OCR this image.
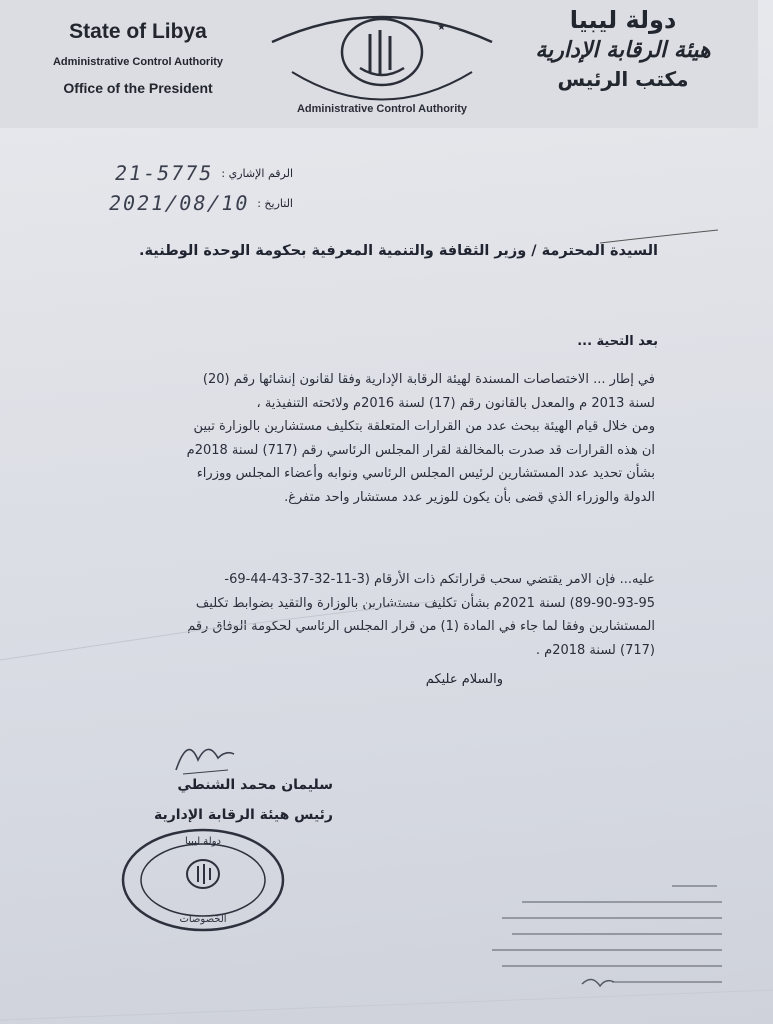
State of Libya
Administrative Control Authority
Office of the President
Administrative Control Authority
★	دولة ليبيا
هيئة الرقابة الإدارية
مكتب الرئيس
الرقم الإشاري :
21-5775
التاريخ :
2021/08/10
السيدة المحترمة / وزير الثقافة والتنمية المعرفية بحكومة الوحدة الوطنية.
بعد التحية ...
في إطار ... الاختصاصات المسندة لهيئة الرقابة الإدارية وفقا لقانون إنشائها رقم (20)
لسنة 2013 م والمعدل بالقانون رقم (17) لسنة 2016م ولائحته التنفيذية ،
ومن خلال قيام الهيئة ببحث عدد من القرارات المتعلقة بتكليف مستشارين بالوزارة تبين
ان هذه القرارات قد صدرت بالمخالفة لقرار المجلس الرئاسي رقم (717) لسنة 2018م
بشأن تحديد عدد المستشارين لرئيس المجلس الرئاسي ونوابه وأعضاء المجلس ووزراء
الدولة والوزراء الذي قضى بأن يكون للوزير عدد مستشار واحد متفرغ.
عليه... فإن الامر يقتضي سحب قراراتكم ذات الأرقام (3-11-32-37-43-44-69-
89-90-93-95) لسنة 2021م بشأن تكليف مستشارين بالوزارة والتقيد بضوابط تكليف
المستشارين وفقا لما جاء في المادة (1) من قرار المجلس الرئاسي لحكومة الوفاق رقم
(717) لسنة 2018م .
والسلام عليكم
سليمان محمد الشنطي
رئيس هيئة الرقابة الإدارية
دولة ليبيا
الخصوصات
